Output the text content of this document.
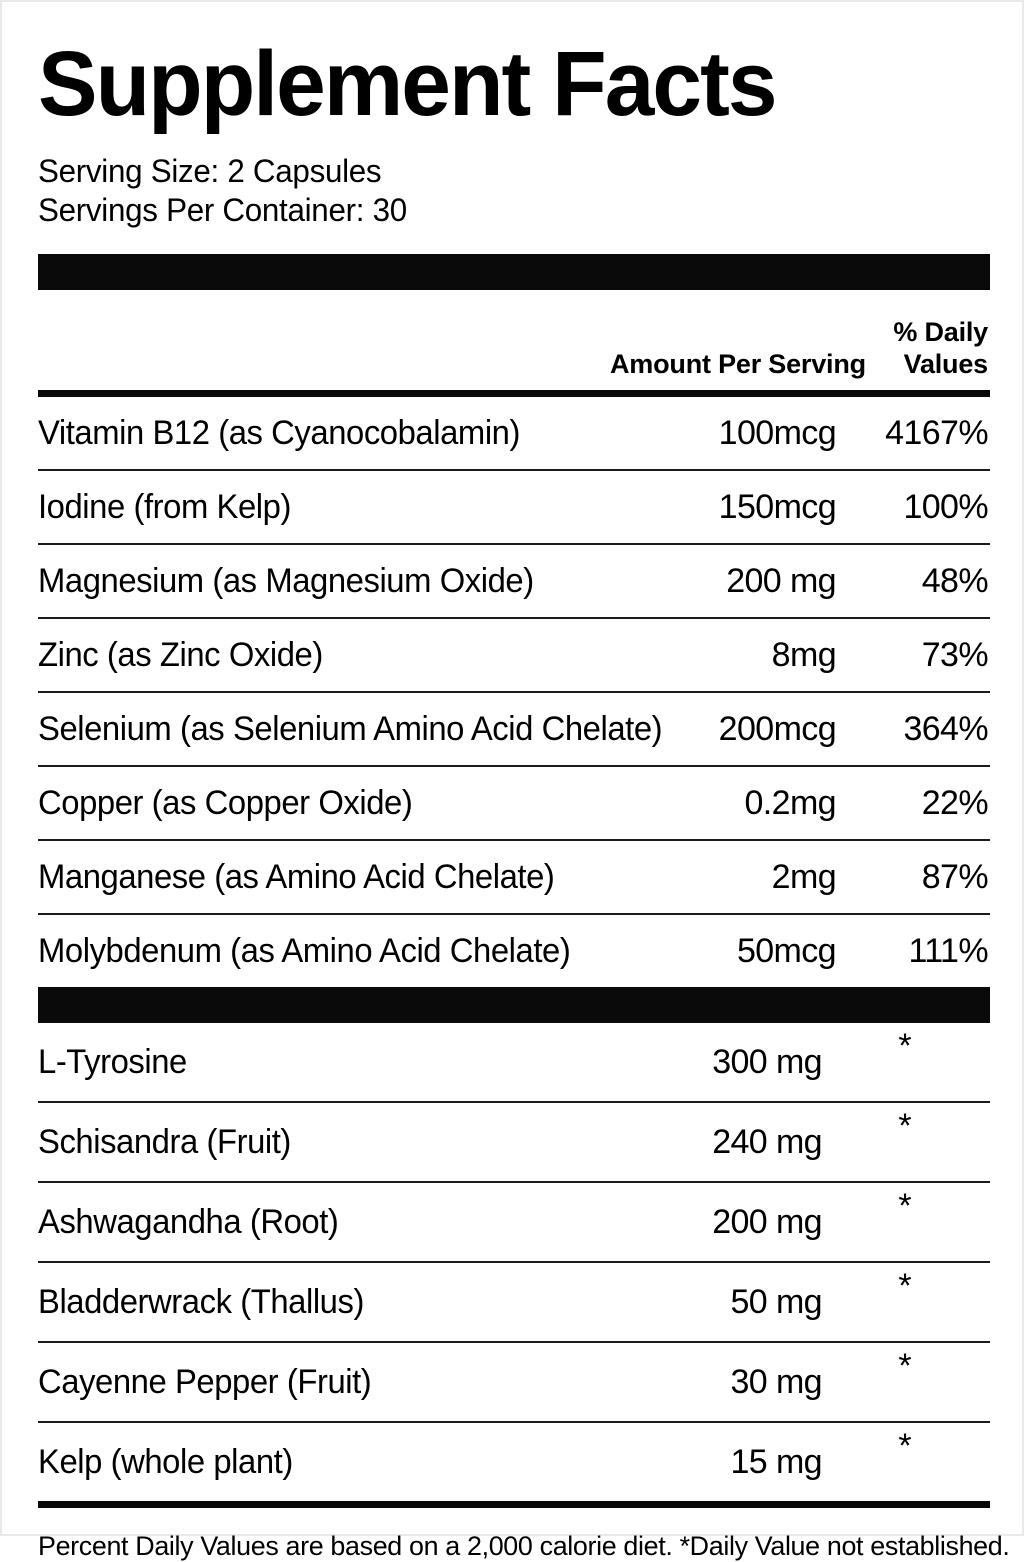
Supplement Facts
Serving Size: 2 Capsules
Servings Per Container: 30
	Amount Per Serving	
% Daily
Values
Vitamin B12 (as Cyanocobalamin)	100mcg	4167%

Iodine (from Kelp)	150mcg	100%

Magnesium (as Magnesium Oxide)	200 mg	48%

Zinc (as Zinc Oxide)	8mg	73%

Selenium (as Selenium Amino Acid Chelate)	200mcg	364%

Copper (as Copper Oxide)	0.2mg	22%

Manganese (as Amino Acid Chelate)	2mg	87%

Molybdenum (as Amino Acid Chelate)	50mcg	111%
L-Tyrosine	300 mg	*

Schisandra (Fruit)	240 mg	*

Ashwagandha (Root)	200 mg	*

Bladderwrack (Thallus)	50 mg	*

Cayenne Pepper (Fruit)	30 mg	*

Kelp (whole plant)	15 mg	*
Percent Daily Values are based on a 2,000 calorie diet. *Daily Value not established.
